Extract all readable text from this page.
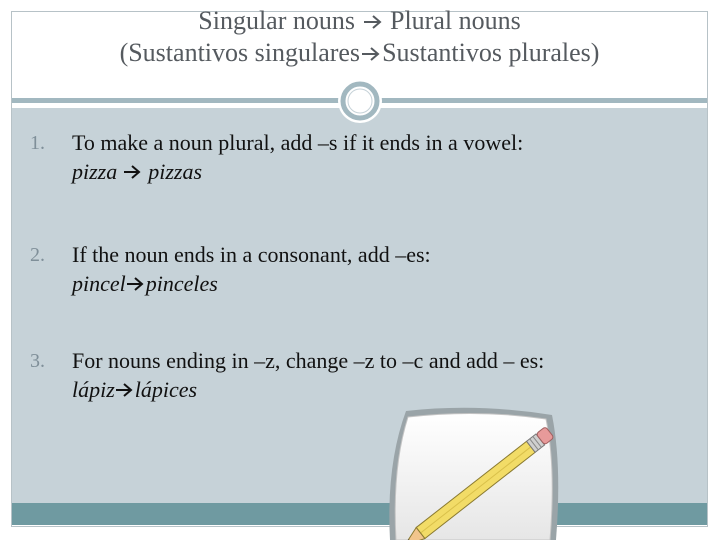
Singular nouns Plural nouns
(Sustantivos singulares Sustantivos plurales)
1. To make a noun plural, add –s if it ends in a vowel:
pizza  pizzas
2. If the noun ends in a consonant, add –es:
pincel pinceles
3. For nouns ending in –z, change –z to –c and add – es:
lápiz lápices
